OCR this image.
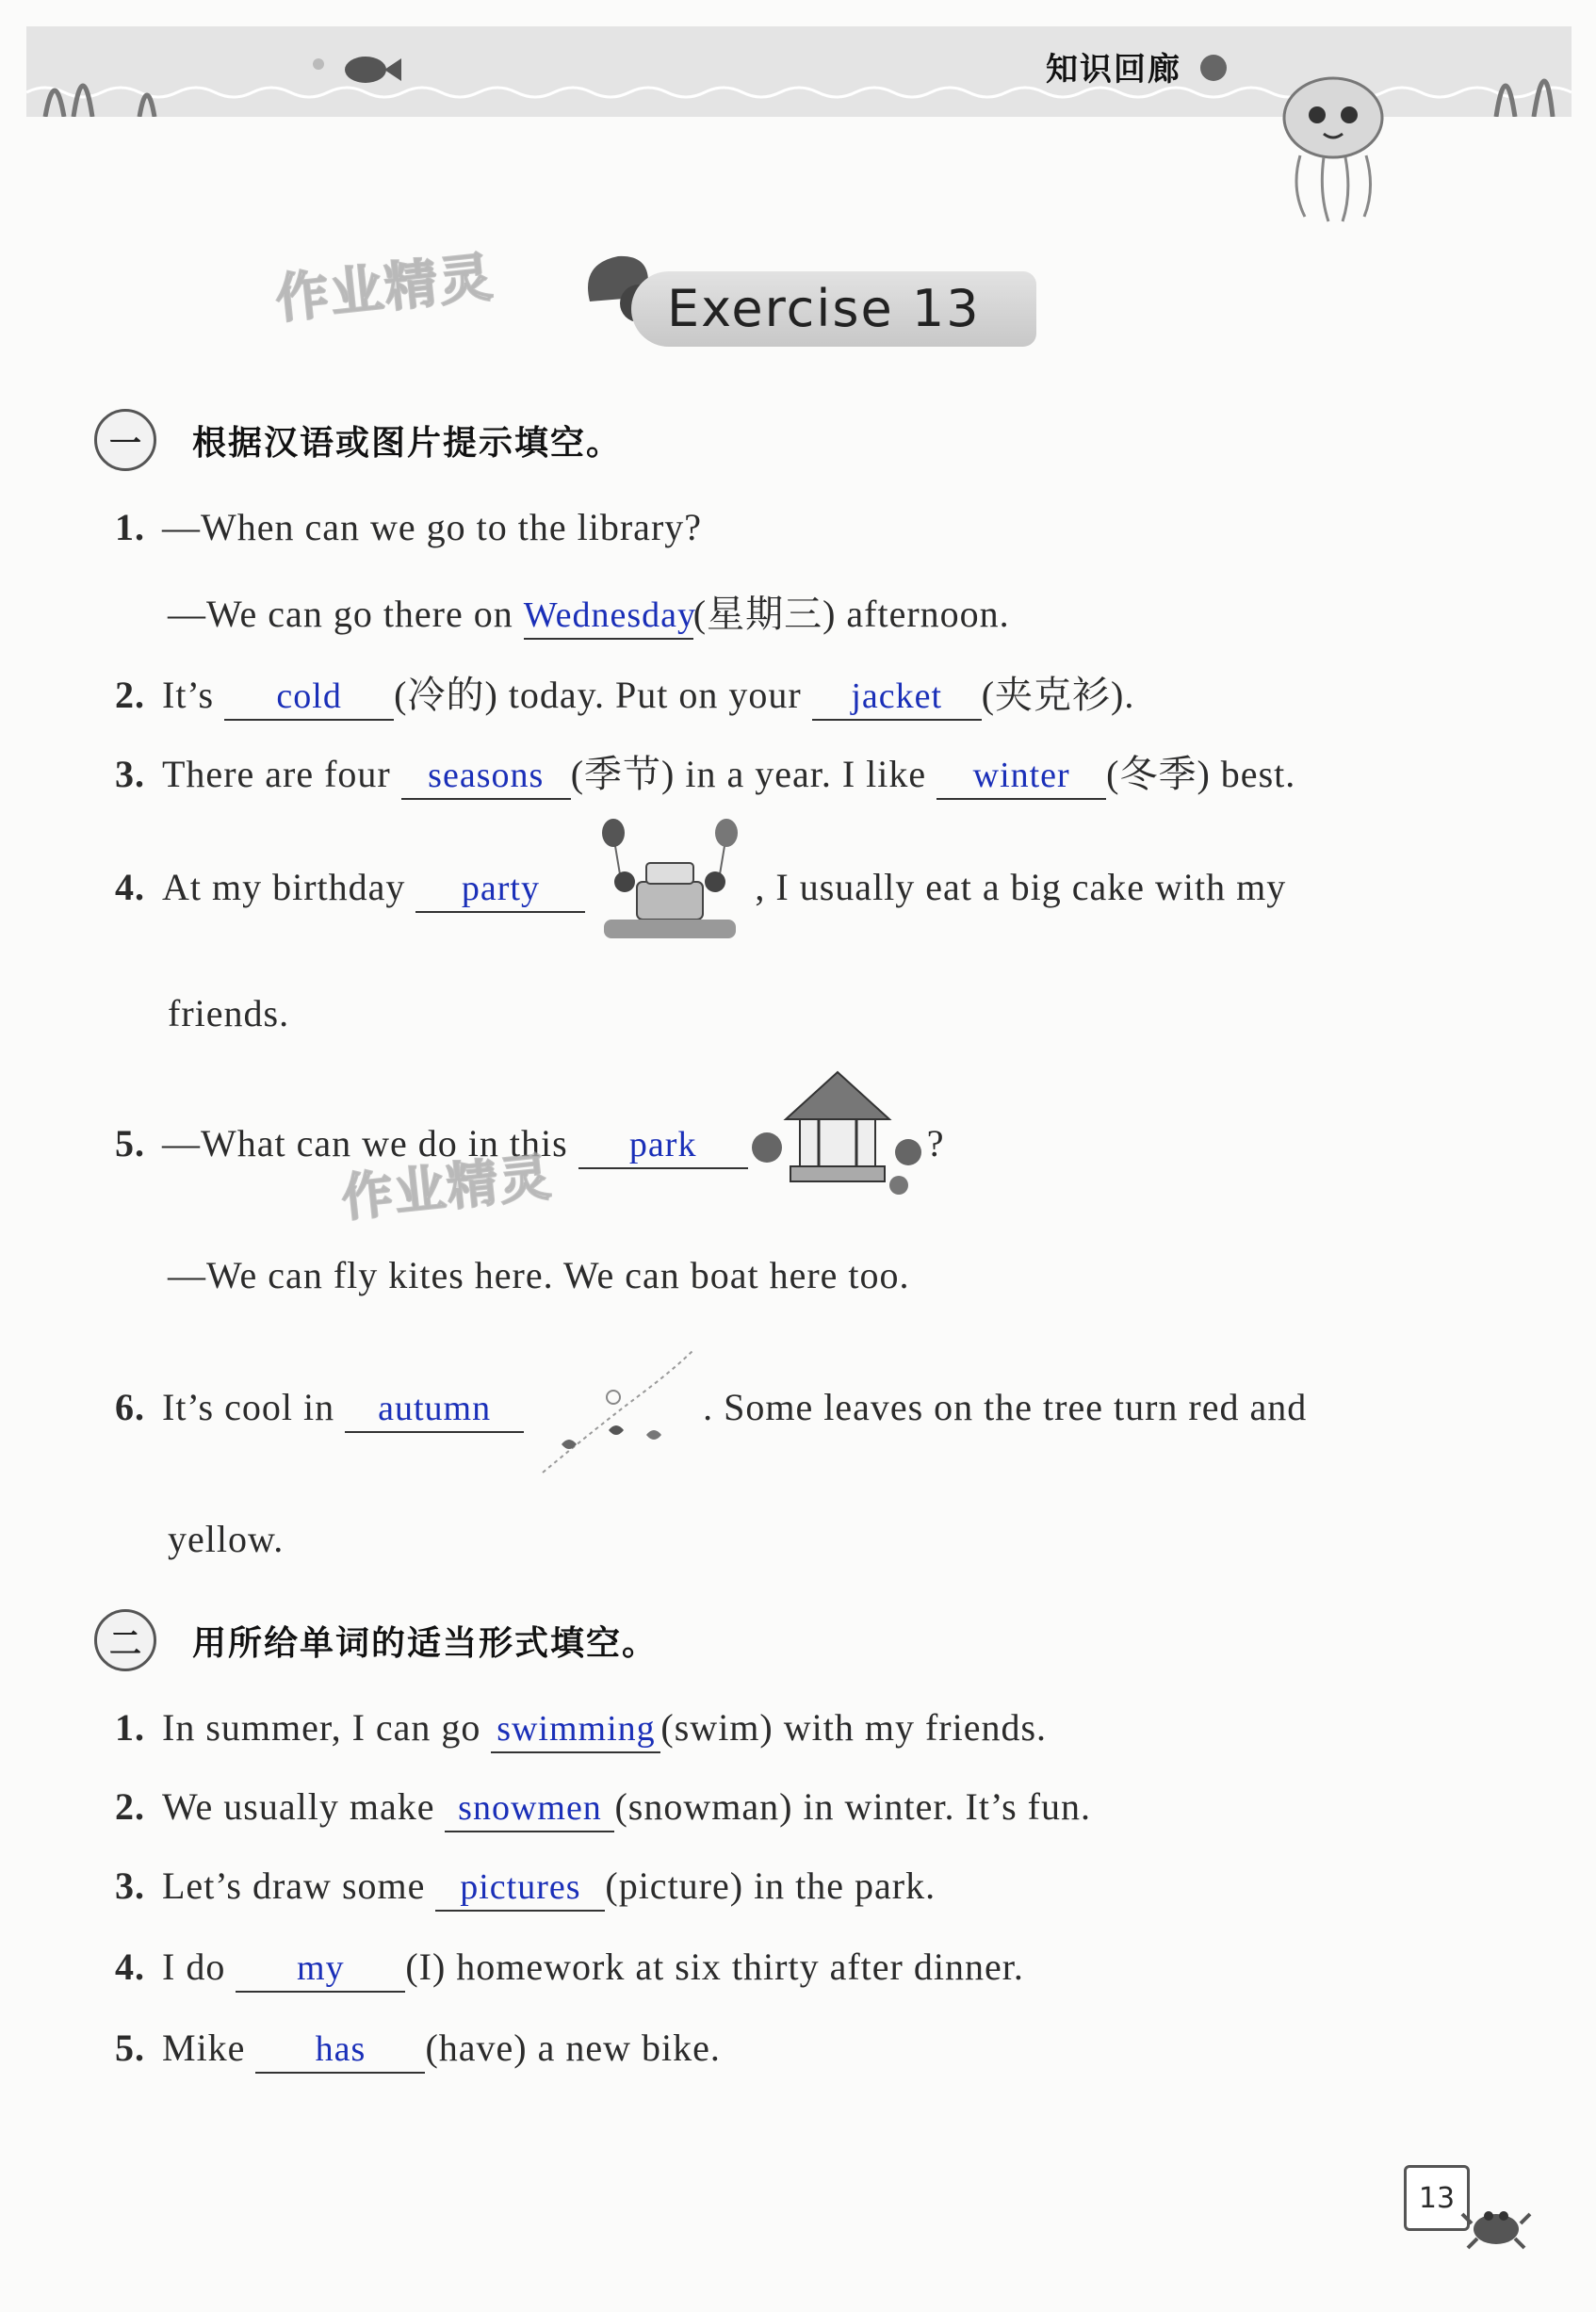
知识回廊
作业精灵	Exercise 13
一	根据汉语或图片提示填空。
1. —When can we go to the library?
—We can go there on Wednesday(星期三) afternoon.
2. It’s cold (冷的) today. Put on your jacket (夹克衫).
3. There are four seasons (季节) in a year. I like winter (冬季) best.
4. At my birthday party	, I usually eat a big cake with my
friends.
5. —What can we do in this park	?
作业精灵
—We can fly kites here. We can boat here too.
6. It’s cool in autumn	. Some leaves on the tree turn red and
yellow.
二	用所给单词的适当形式填空。
1. In summer, I can go swimming (swim) with my friends.
2. We usually make snowmen (snowman) in winter. It’s fun.
3. Let’s draw some pictures (picture) in the park.
4. I do my (I) homework at six thirty after dinner.
5. Mike has (have) a new bike.
13
